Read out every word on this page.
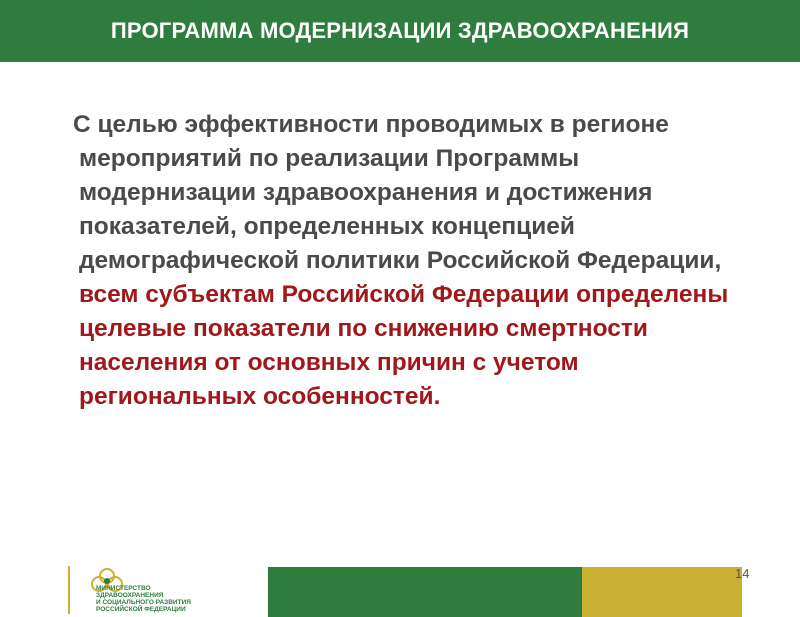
ПРОГРАММА МОДЕРНИЗАЦИИ ЗДРАВООХРАНЕНИЯ
С целью эффективности проводимых в регионе мероприятий по реализации Программы модернизации здравоохранения и достижения показателей, определенных концепцией демографической политики Российской Федерации, всем субъектам Российской Федерации определены целевые показатели по снижению смертности населения от основных причин с учетом региональных особенностей.
МИНИСТЕРСТВО
ЗДРАВООХРАНЕНИЯ
И СОЦИАЛЬНОГО РАЗВИТИЯ
РОССИЙСКОЙ ФЕДЕРАЦИИ
14
